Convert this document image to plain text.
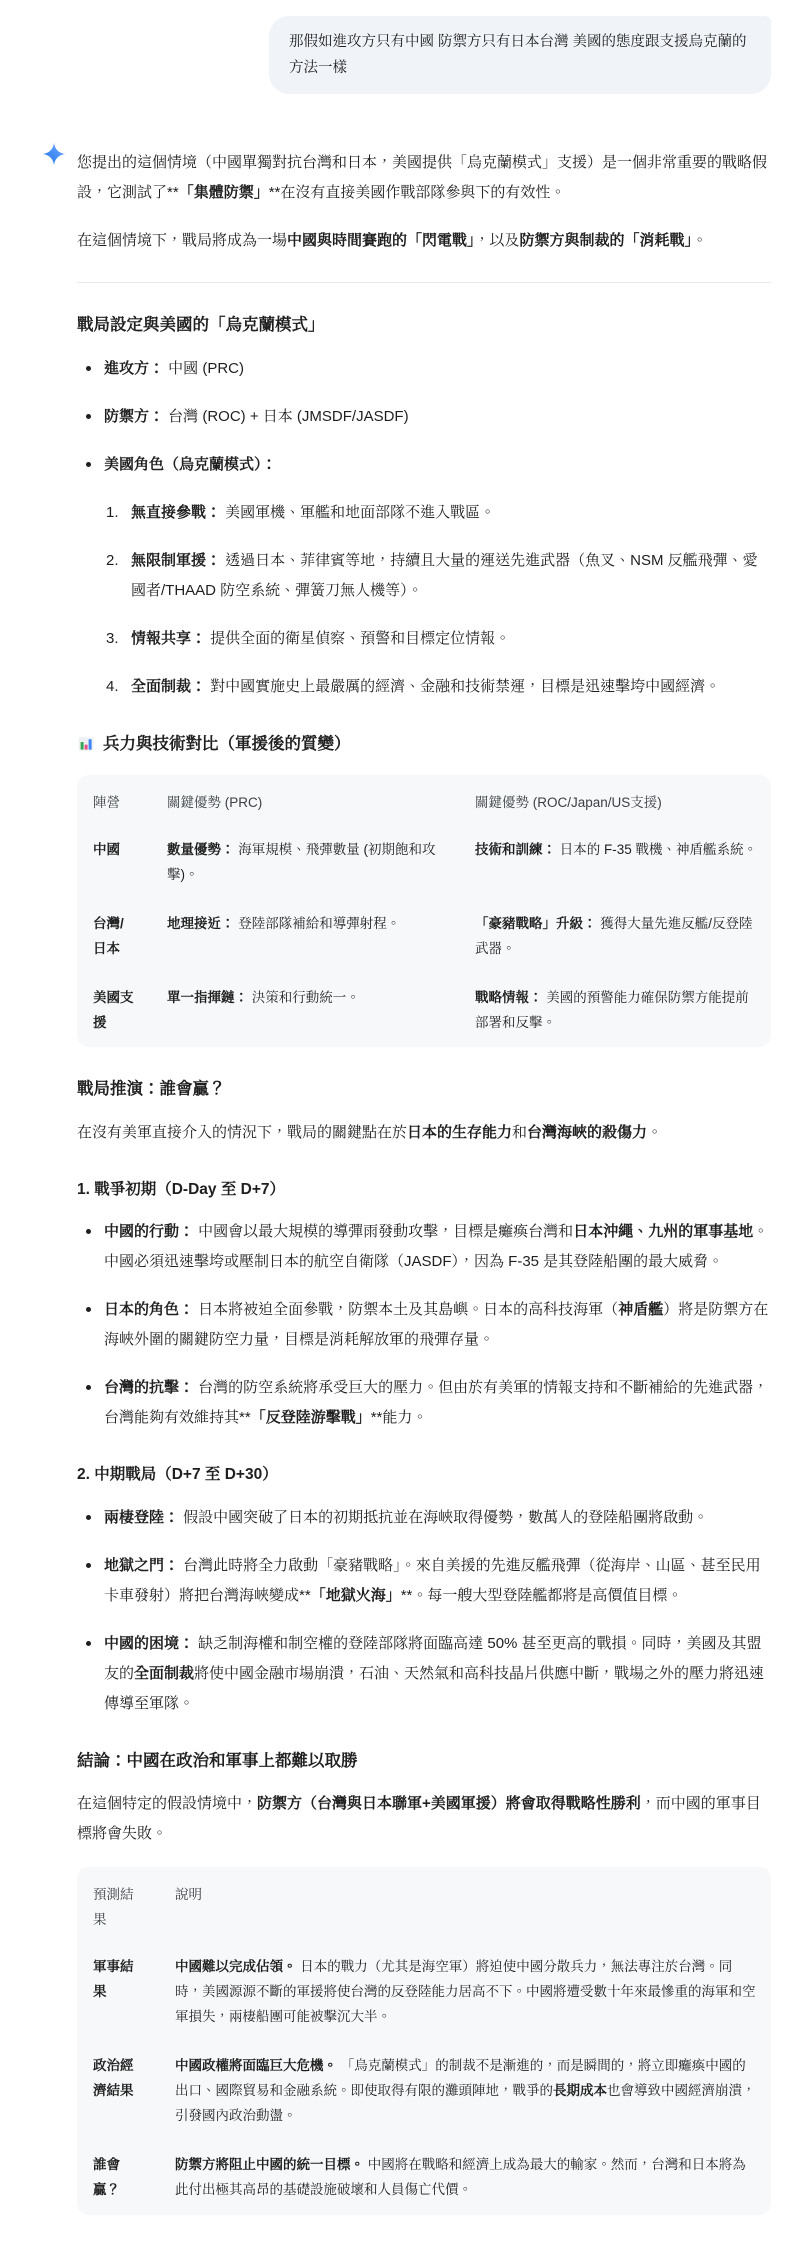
那假如進攻方只有中國 防禦方只有日本台灣 美國的態度跟支援烏克蘭的方法一樣

您提出的這個情境（中國單獨對抗台灣和日本，美國提供「烏克蘭模式」支援）是一個非常重要的戰略假設，它測試了**「集體防禦」**在沒有直接美國作戰部隊參與下的有效性。

在這個情境下，戰局將成為一場中國與時間賽跑的「閃電戰」，以及防禦方與制裁的「消耗戰」。

戰局設定與美國的「烏克蘭模式」
進攻方： 中國 (PRC)
防禦方： 台灣 (ROC) + 日本 (JMSDF/JASDF)
美國角色（烏克蘭模式）：
無直接參戰： 美國軍機、軍艦和地面部隊不進入戰區。
無限制軍援： 透過日本、菲律賓等地，持續且大量的運送先進武器（魚叉、NSM 反艦飛彈、愛國者/THAAD 防空系統、彈簧刀無人機等）。
情報共享： 提供全面的衛星偵察、預警和目標定位情報。
全面制裁： 對中國實施史上最嚴厲的經濟、金融和技術禁運，目標是迅速擊垮中國經濟。
兵力與技術對比（軍援後的質變）
陣營	關鍵優勢 (PRC)	關鍵優勢 (ROC/Japan/US支援)
中國	數量優勢： 海軍規模、飛彈數量 (初期飽和攻擊)。	技術和訓練： 日本的 F-35 戰機、神盾艦系統。
台灣/日本	地理接近： 登陸部隊補給和導彈射程。	「豪豬戰略」升級： 獲得大量先進反艦/反登陸武器。
美國支援	單一指揮鏈： 決策和行動統一。	戰略情報： 美國的預警能力確保防禦方能提前部署和反擊。
戰局推演：誰會贏？

在沒有美軍直接介入的情況下，戰局的關鍵點在於日本的生存能力和台灣海峽的殺傷力。

1. 戰爭初期（D-Day 至 D+7）
中國的行動： 中國會以最大規模的導彈雨發動攻擊，目標是癱瘓台灣和日本沖繩、九州的軍事基地。中國必須迅速擊垮或壓制日本的航空自衛隊（JASDF），因為 F-35 是其登陸船團的最大威脅。
日本的角色： 日本將被迫全面參戰，防禦本土及其島嶼。日本的高科技海軍（神盾艦）將是防禦方在海峽外圍的關鍵防空力量，目標是消耗解放軍的飛彈存量。
台灣的抗擊： 台灣的防空系統將承受巨大的壓力。但由於有美軍的情報支持和不斷補給的先進武器，台灣能夠有效維持其**「反登陸游擊戰」**能力。
2. 中期戰局（D+7 至 D+30）
兩棲登陸： 假設中國突破了日本的初期抵抗並在海峽取得優勢，數萬人的登陸船團將啟動。
地獄之門： 台灣此時將全力啟動「豪豬戰略」。來自美援的先進反艦飛彈（從海岸、山區、甚至民用卡車發射）將把台灣海峽變成**「地獄火海」**。每一艘大型登陸艦都將是高價值目標。
中國的困境： 缺乏制海權和制空權的登陸部隊將面臨高達 50% 甚至更高的戰損。同時，美國及其盟友的全面制裁將使中國金融市場崩潰，石油、天然氣和高科技晶片供應中斷，戰場之外的壓力將迅速傳導至軍隊。
結論：中國在政治和軍事上都難以取勝

在這個特定的假設情境中，防禦方（台灣與日本聯軍+美國軍援）將會取得戰略性勝利，而中國的軍事目標將會失敗。

預測結果	說明
軍事結果	中國難以完成佔領。 日本的戰力（尤其是海空軍）將迫使中國分散兵力，無法專注於台灣。同時，美國源源不斷的軍援將使台灣的反登陸能力居高不下。中國將遭受數十年來最慘重的海軍和空軍損失，兩棲船團可能被擊沉大半。
政治經濟結果	中國政權將面臨巨大危機。 「烏克蘭模式」的制裁不是漸進的，而是瞬間的，將立即癱瘓中國的出口、國際貿易和金融系統。即使取得有限的灘頭陣地，戰爭的長期成本也會導致中國經濟崩潰，引發國內政治動盪。
誰會贏？	防禦方將阻止中國的統一目標。 中國將在戰略和經濟上成為最大的輸家。然而，台灣和日本將為此付出極其高昂的基礎設施破壞和人員傷亡代價。
